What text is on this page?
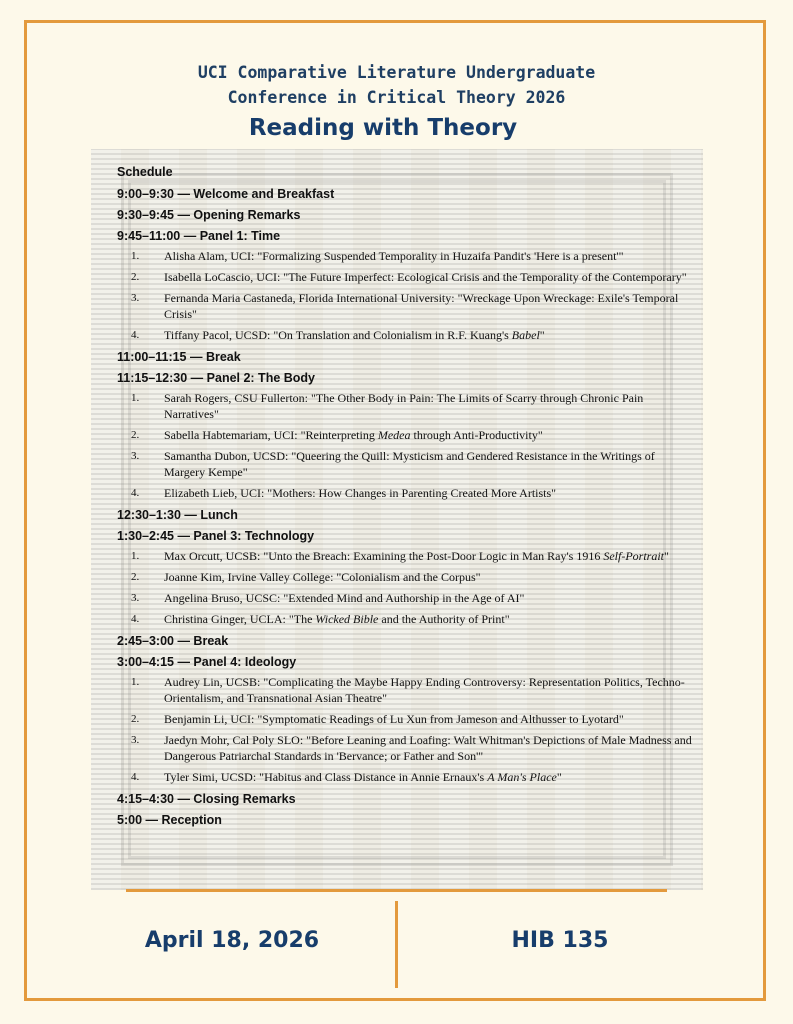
UCI Comparative Literature Undergraduate
Conference in Critical Theory 2026
Reading with Theory
Schedule
9:00–9:30 — Welcome and Breakfast
9:30–9:45 — Opening Remarks
9:45–11:00 — Panel 1: Time
1. Alisha Alam, UCI: "Formalizing Suspended Temporality in Huzaifa Pandit's 'Here is a present'"
2. Isabella LoCascio, UCI: "The Future Imperfect: Ecological Crisis and the Temporality of the Contemporary"
3. Fernanda Maria Castaneda, Florida International University: "Wreckage Upon Wreckage: Exile's Temporal Crisis"
4. Tiffany Pacol, UCSD: "On Translation and Colonialism in R.F. Kuang's Babel"
11:00–11:15 — Break
11:15–12:30 — Panel 2: The Body
1. Sarah Rogers, CSU Fullerton: "The Other Body in Pain: The Limits of Scarry through Chronic Pain Narratives"
2. Sabella Habtemariam, UCI: "Reinterpreting Medea through Anti-Productivity"
3. Samantha Dubon, UCSD: "Queering the Quill: Mysticism and Gendered Resistance in the Writings of Margery Kempe"
4. Elizabeth Lieb, UCI: "Mothers: How Changes in Parenting Created More Artists"
12:30–1:30 — Lunch
1:30–2:45 — Panel 3: Technology
1. Max Orcutt, UCSB: "Unto the Breach: Examining the Post-Door Logic in Man Ray's 1916 Self-Portrait"
2. Joanne Kim, Irvine Valley College: "Colonialism and the Corpus"
3. Angelina Bruso, UCSC: "Extended Mind and Authorship in the Age of AI"
4. Christina Ginger, UCLA: "The Wicked Bible and the Authority of Print"
2:45–3:00 — Break
3:00–4:15 — Panel 4: Ideology
1. Audrey Lin, UCSB: "Complicating the Maybe Happy Ending Controversy: Representation Politics, Techno-Orientalism, and Transnational Asian Theatre"
2. Benjamin Li, UCI: "Symptomatic Readings of Lu Xun from Jameson and Althusser to Lyotard"
3. Jaedyn Mohr, Cal Poly SLO: "Before Leaning and Loafing: Walt Whitman's Depictions of Male Madness and Dangerous Patriarchal Standards in 'Bervance; or Father and Son'"
4. Tyler Simi, UCSD: "Habitus and Class Distance in Annie Ernaux's A Man's Place"
4:15–4:30 — Closing Remarks
5:00 — Reception
April 18, 2026	HIB 135
